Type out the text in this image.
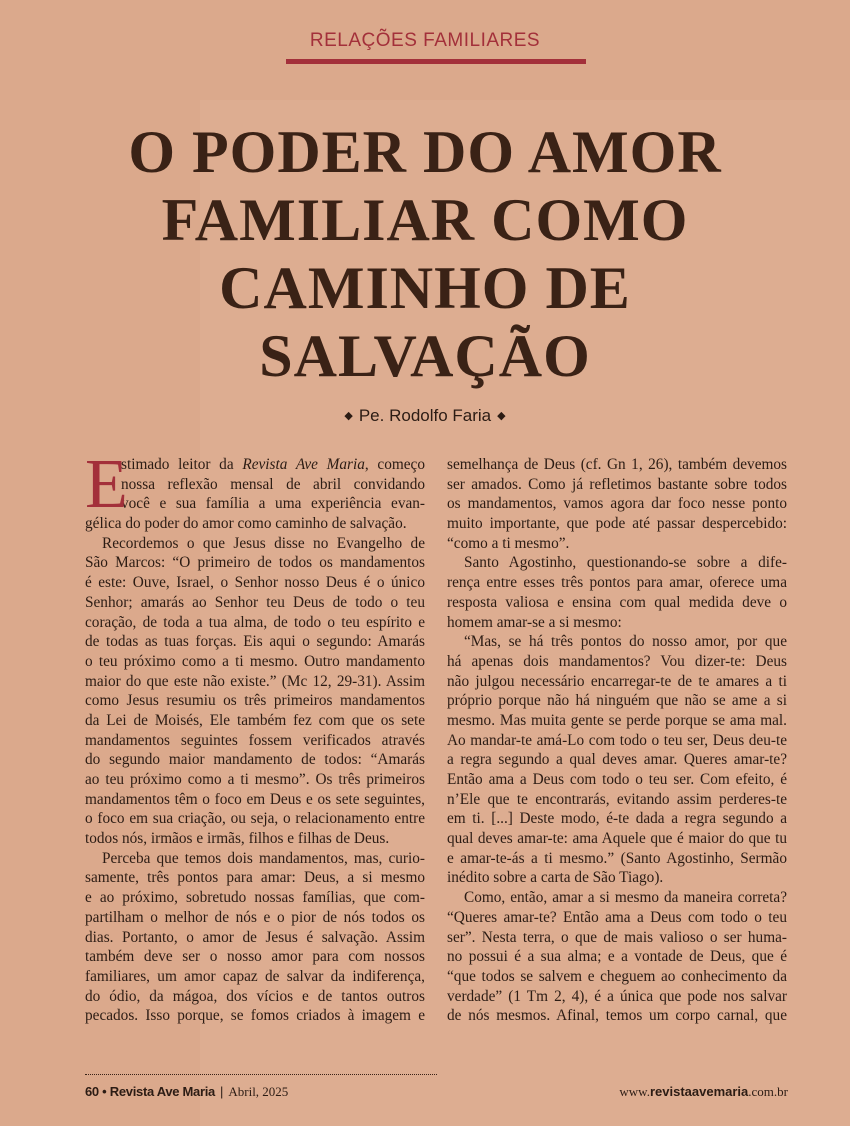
RELAÇÕES FAMILIARES
O PODER DO AMOR
FAMILIAR COMO
CAMINHO DE
SALVAÇÃO
◆ Pe. Rodolfo Faria ◆
E
stimado leitor da Revista Ave Maria, começo
nossa reflexão mensal de abril convidando
você e sua família a uma experiência evan-
gélica do poder do amor como caminho de salvação.
Recordemos o que Jesus disse no Evangelho de
São Marcos: “O primeiro de todos os mandamentos
é este: Ouve, Israel, o Senhor nosso Deus é o único
Senhor; amarás ao Senhor teu Deus de todo o teu
coração, de toda a tua alma, de todo o teu espírito e
de todas as tuas forças. Eis aqui o segundo: Amarás
o teu próximo como a ti mesmo. Outro mandamento
maior do que este não existe.” (Mc 12, 29-31). Assim
como Jesus resumiu os três primeiros mandamentos
da Lei de Moisés, Ele também fez com que os sete
mandamentos seguintes fossem verificados através
do segundo maior mandamento de todos: “Amarás
ao teu próximo como a ti mesmo”. Os três primeiros
mandamentos têm o foco em Deus e os sete seguintes,
o foco em sua criação, ou seja, o relacionamento entre
todos nós, irmãos e irmãs, filhos e filhas de Deus.
Perceba que temos dois mandamentos, mas, curio-
samente, três pontos para amar: Deus, a si mesmo
e ao próximo, sobretudo nossas famílias, que com-
partilham o melhor de nós e o pior de nós todos os
dias. Portanto, o amor de Jesus é salvação. Assim
também deve ser o nosso amor para com nossos
familiares, um amor capaz de salvar da indiferença,
do ódio, da mágoa, dos vícios e de tantos outros
pecados. Isso porque, se fomos criados à imagem e
semelhança de Deus (cf. Gn 1, 26), também devemos
ser amados. Como já refletimos bastante sobre todos
os mandamentos, vamos agora dar foco nesse ponto
muito importante, que pode até passar despercebido:
“como a ti mesmo”.
Santo Agostinho, questionando-se sobre a dife-
rença entre esses três pontos para amar, oferece uma
resposta valiosa e ensina com qual medida deve o
homem amar-se a si mesmo:
“Mas, se há três pontos do nosso amor, por que
há apenas dois mandamentos? Vou dizer-te: Deus
não julgou necessário encarregar-te de te amares a ti
próprio porque não há ninguém que não se ame a si
mesmo. Mas muita gente se perde porque se ama mal.
Ao mandar-te amá-Lo com todo o teu ser, Deus deu-te
a regra segundo a qual deves amar. Queres amar-te?
Então ama a Deus com todo o teu ser. Com efeito, é
n’Ele que te encontrarás, evitando assim perderes-te
em ti. [...] Deste modo, é-te dada a regra segundo a
qual deves amar-te: ama Aquele que é maior do que tu
e amar-te-ás a ti mesmo.” (Santo Agostinho, Sermão
inédito sobre a carta de São Tiago).
Como, então, amar a si mesmo da maneira correta?
“Queres amar-te? Então ama a Deus com todo o teu
ser”. Nesta terra, o que de mais valioso o ser huma-
no possui é a sua alma; e a vontade de Deus, que é
“que todos se salvem e cheguem ao conhecimento da
verdade” (1 Tm 2, 4), é a única que pode nos salvar
de nós mesmos. Afinal, temos um corpo carnal, que
60 • Revista Ave Maria | Abril, 2025	www.revistaavemaria.com.br
